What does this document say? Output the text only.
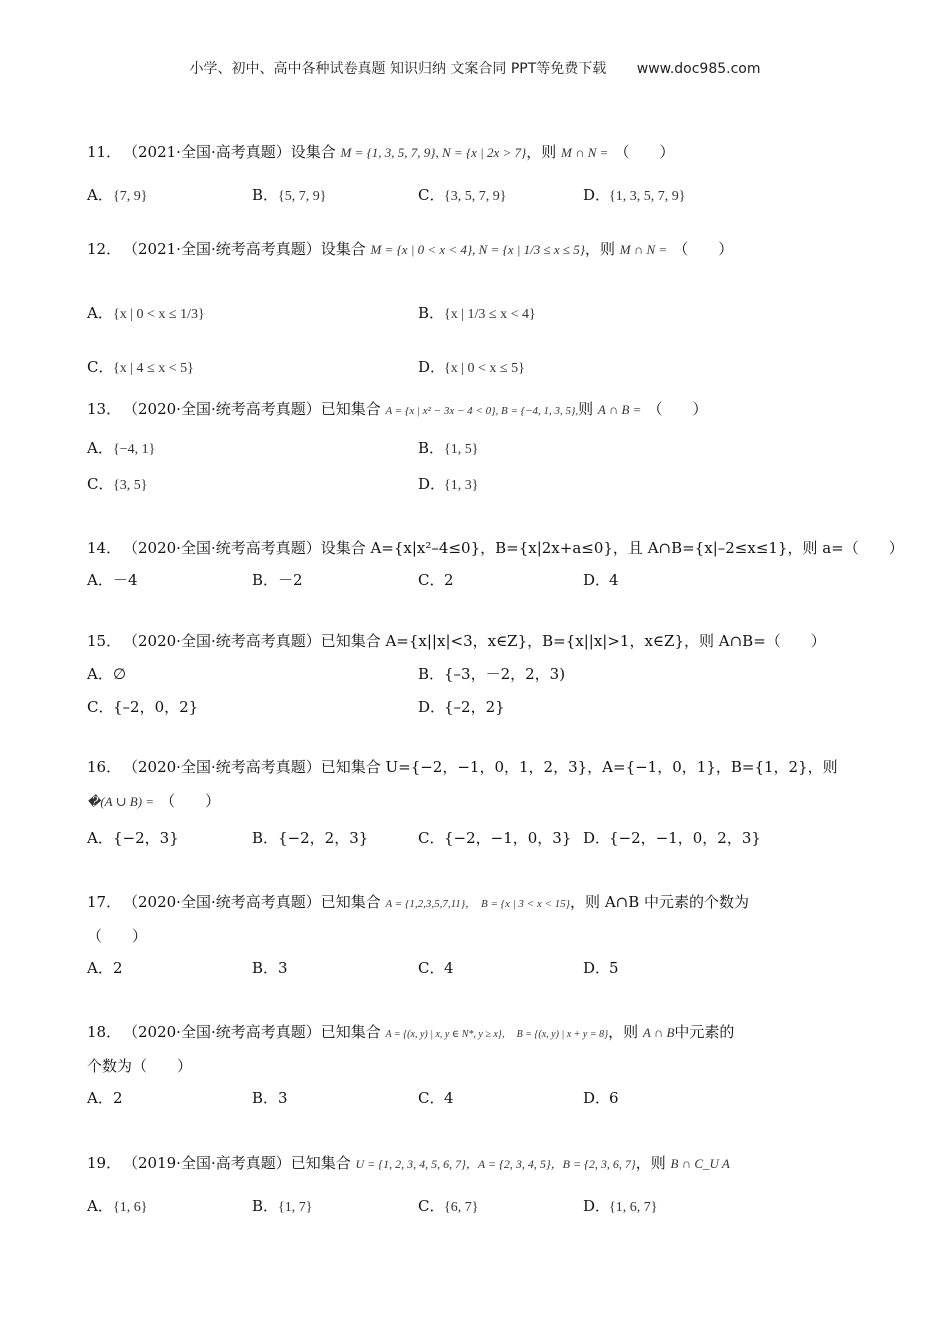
小学、初中、高中各种试卷真题 知识归纳 文案合同 PPT等免费下载 www.doc985.com
11． （2021·全国·高考真题）设集合 M = {1, 3, 5, 7, 9}, N = {x | 2x > 7}，则 M ∩ N = （　　）
A．{7, 9}	B．{5, 7, 9}	C．{3, 5, 7, 9}	D．{1, 3, 5, 7, 9}
12． （2021·全国·统考高考真题）设集合 M = {x | 0 < x < 4}, N = {x | 1/3 ≤ x ≤ 5}，则 M ∩ N = （　　）
A．{x | 0 < x ≤ 1/3}	B．{x | 1/3 ≤ x < 4}
C．{x | 4 ≤ x < 5}	D．{x | 0 < x ≤ 5}
13． （2020·全国·统考高考真题）已知集合 A = {x | x² − 3x − 4 < 0}, B = {−4, 1, 3, 5},则 A ∩ B = （　　）
A．{−4, 1}	B．{1, 5}
C．{3, 5}	D．{1, 3}
14． （2020·全国·统考高考真题）设集合 A={x|x²–4≤0}，B={x|2x+a≤0}，且 A∩B={x|–2≤x≤1}，则 a=（　　）
A．－4	B．－2	C．2	D．4
15． （2020·全国·统考高考真题）已知集合 A={x||x|<3，x∈Z}，B={x||x|>1，x∈Z}，则 A∩B=（　　）
A．∅	B．{–3，－2，2，3)
C．{–2，0，2}	D．{–2，2}
16． （2020·全国·统考高考真题）已知集合 U={−2，−1，0，1，2，3}，A={−1，0，1}，B={1，2}，则
�(A ∪ B) = （　　）
A．{−2，3}	B．{−2，2，3}	C．{−2，−1，0，3} D．{−2，−1，0，2，3}
17． （2020·全国·统考高考真题）已知集合 A = {1,2,3,5,7,11}， B = {x | 3 < x < 15}，则 A∩B 中元素的个数为
（　　）
A．2	B．3	C．4	D．5
18． （2020·全国·统考高考真题）已知集合 A = {(x, y) | x, y ∈ N*, y ≥ x}， B = {(x, y) | x + y = 8}，则 A ∩ B中元素的
个数为（　　）
A．2	B．3	C．4	D．6
19． （2019·全国·高考真题）已知集合 U = {1, 2, 3, 4, 5, 6, 7}，A = {2, 3, 4, 5}，B = {2, 3, 6, 7}，则 B ∩ C_U A
A．{1, 6}	B．{1, 7}	C．{6, 7}	D．{1, 6, 7}
